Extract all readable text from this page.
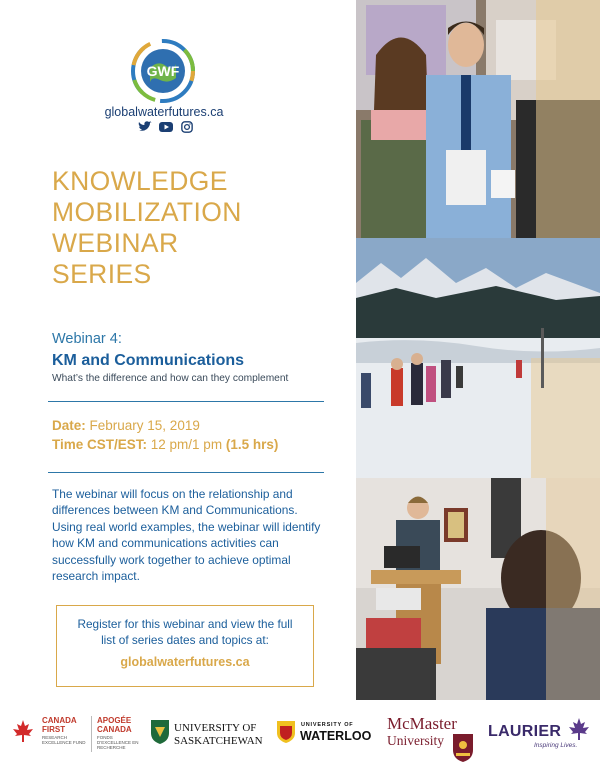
GWF
globalwaterfutures.ca
KNOWLEDGE
MOBILIZATION
WEBINAR
SERIES
Webinar 4:
KM and Communications
What’s the difference and how can they complement
Date: February 15, 2019
Time CST/EST: 12 pm/1 pm (1.5 hrs)
The webinar will focus on the relationship and differences between KM and Communications. Using real world examples, the webinar will identify how KM and communications activities can successfully work together to achieve optimal research impact.
Register for this webinar and view the full list of series dates and topics at:
globalwaterfutures.ca
CANADA
FIRST
RESEARCH EXCELLENCE FUND
APOGÉE
CANADA
FONDS D’EXCELLENCE EN RECHERCHE
UNIVERSITY OF
SASKATCHEWAN
UNIVERSITY OF
WATERLOO
McMaster
University
LAURIER
Inspiring Lives.
